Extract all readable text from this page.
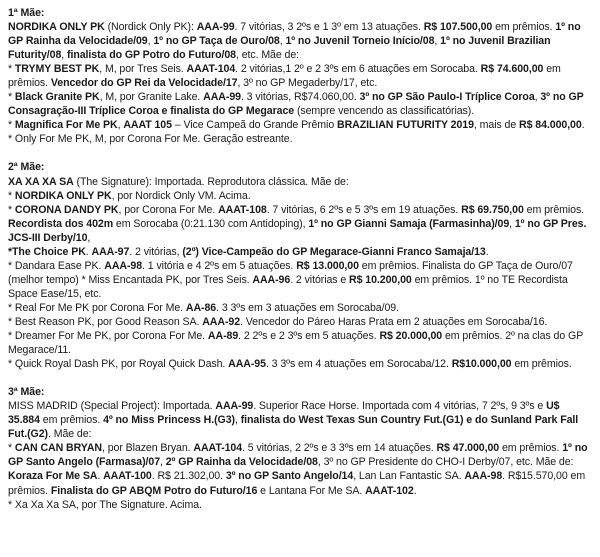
1ª Mãe:

NORDIKA ONLY PK (Nordick Only PK): AAA-99. 7 vitórias, 3 2ºs e 1 3º em 13 atuações. R$ 107.500,00 em prêmios. 1º no GP Rainha da Velocidade/09, 1º no GP Taça de Ouro/08, 1º no Juvenil Torneio Início/08, 1º no Juvenil Brazilian Futurity/08, finalista do GP Potro do Futuro/08, etc. Mãe de:

* TRYMY BEST PK, M, por Tres Seis. AAAT-104. 2 vitórias,1 2º e 2 3ºs em 6 atuações em Sorocaba. R$ 74.600,00 em prêmios. Vencedor do GP Rei da Velocidade/17, 3º no GP Megaderby/17, etc.

* Black Granite PK, M, por Granite Lake. AAA-99. 3 vitórias, R$74.060,00. 3º no GP São Paulo-I Tríplice Coroa, 3º no GP Consagração-III Tríplice Coroa e finalista do GP Megarace (sempre vencendo as classificatórias).

* Magnifica For Me PK, AAAT 105 – Vice Campeã do Grande Prêmio BRAZILIAN FUTURITY 2019, mais de R$ 84.000,00.

* Only For Me PK, M, por Corona For Me. Geração estreante.

2ª Mãe:

XA XA XA SA (The Signature): Importada. Reprodutora clássica. Mãe de:

* NORDIKA ONLY PK, por Nordick Only VM. Acima.

* CORONA DANDY PK, por Corona For Me. AAAT-108. 7 vitórias, 6 2ºs e 5 3ºs em 19 atuações. R$ 69.750,00 em prêmios. Recordista dos 402m em Sorocaba (0:21.130 com Antidoping), 1º no GP Gianni Samaja (Farmasinha)/09, 1º no GP Pres. JCS-III Derby/10,

*The Choice PK. AAA-97. 2 vitórias, (2º) Vice-Campeão do GP Megarace-Gianni Franco Samaja/13.

* Dandara Ease PK. AAA-98. 1 vitória e 4 2ºs em 5 atuações. R$ 13.000,00 em prêmios. Finalista do GP Taça de Ouro/07 (melhor tempo) * Miss Encantada PK, por Tres Seis. AAA-96. 2 vitórias e R$ 10.200,00 em prêmios. 1º no TE Recordista Space Ease/15, etc.

* Real For Me PK por Corona For Me. AA-86. 3 3ºs em 3 atuações em Sorocaba/09.

* Best Reason PK, por Good Reason SA. AAA-92. Vencedor do Páreo Haras Prata em 2 atuações em Sorocaba/16.

* Dreamer For Me PK, por Corona For Me. AA-89. 2 2ºs e 2 3ºs em 5 atuações. R$ 20.000,00 em prêmios. 2º na clas do GP Megarace/11.

* Quick Royal Dash PK, por Royal Quick Dash. AAA-95. 3 3ºs em 4 atuações em Sorocaba/12. R$10.000,00 em prêmios.

3ª Mãe:

MISS MADRID (Special Project): Importada. AAA-99. Superior Race Horse. Importada com 4 vitórias, 7 2ºs, 9 3ºs e U$ 35.884 em prêmios. 4º no Miss Princess H.(G3), finalista do West Texas Sun Country Fut.(G1) e do Sunland Park Fall Fut.(G2). Mãe de:

* CAN CAN BRYAN, por Blazen Bryan. AAAT-104. 5 vitórias, 2 2ºs e 3 3ºs em 14 atuações. R$ 47.000,00 em prêmios. 1º no GP Santo Angelo (Farmasa)/07, 2º GP Rainha da Velocidade/08, 3º no GP Presidente do CHO-I Derby/07, etc. Mãe de: Koraza For Me SA. AAAT-100. R$ 21.302,00. 3º no GP Santo Angelo/14, Lan Lan Fantastic SA. AAA-98. R$15.570,00 em prêmios. Finalista do GP ABQM Potro do Futuro/16 e Lantana For Me SA. AAAT-102.

* Xa Xa Xa SA, por The Signature. Acima.
